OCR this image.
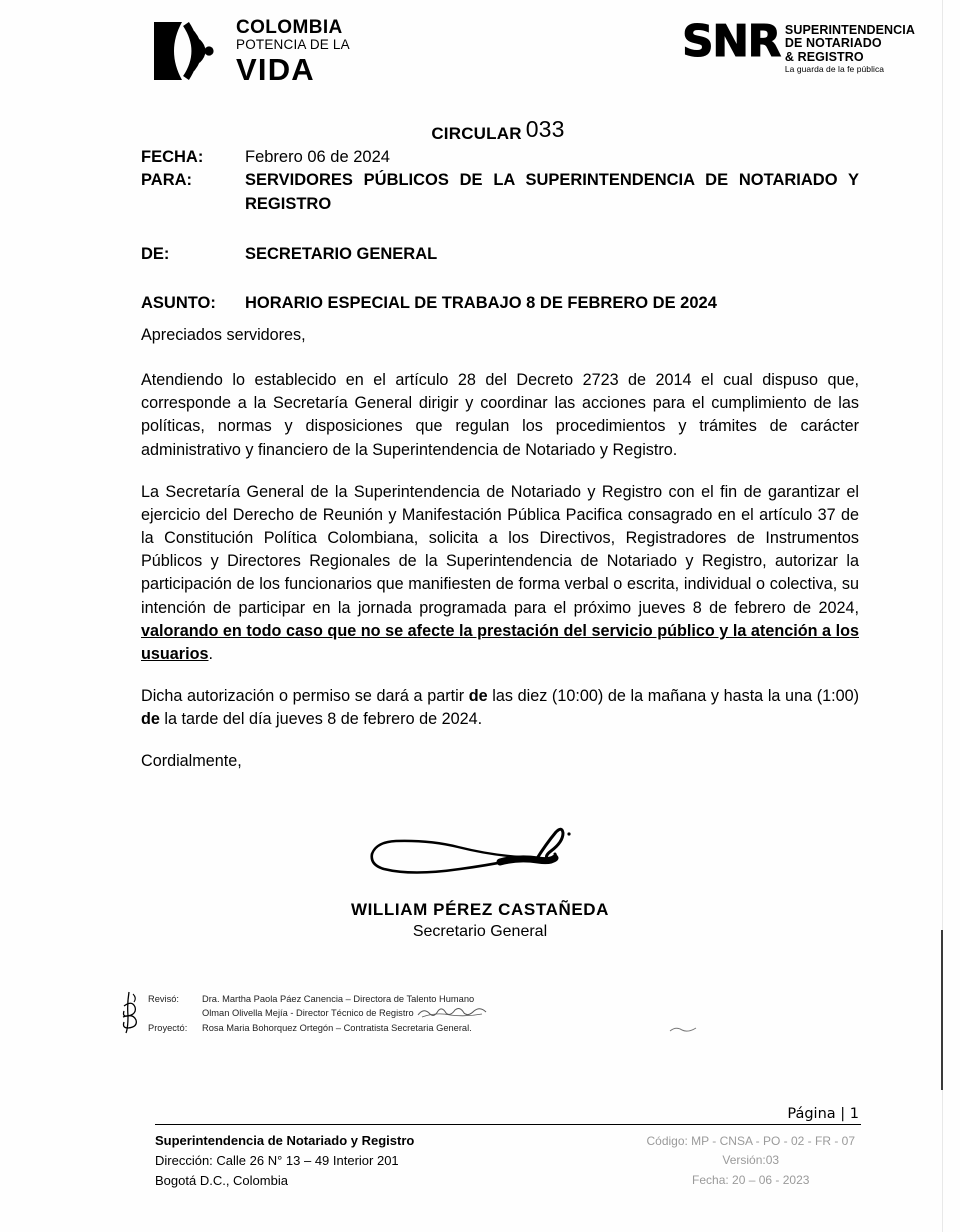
COLOMBIA
POTENCIA DE LA
VIDA
SNR SUPERINTENDENCIA
DE NOTARIADO
& REGISTRO
La guarda de la fe pública
CIRCULAR 033
FECHA:	Febrero 06 de 2024
PARA:	SERVIDORES PÚBLICOS DE LA SUPERINTENDENCIA DE NOTARIADO Y REGISTRO
DE:	SECRETARIO GENERAL
ASUNTO:	HORARIO ESPECIAL DE TRABAJO 8 DE FEBRERO DE 2024

Apreciados servidores,

Atendiendo lo establecido en el artículo 28 del Decreto 2723 de 2014 el cual dispuso que, corresponde a la Secretaría General dirigir y coordinar las acciones para el cumplimiento de las políticas, normas y disposiciones que regulan los procedimientos y trámites de carácter administrativo y financiero de la Superintendencia de Notariado y Registro.

La Secretaría General de la Superintendencia de Notariado y Registro con el fin de garantizar el ejercicio del Derecho de Reunión y Manifestación Pública Pacifica consagrado en el artículo 37 de la Constitución Política Colombiana, solicita a los Directivos, Registradores de Instrumentos Públicos y Directores Regionales de la Superintendencia de Notariado y Registro, autorizar la participación de los funcionarios que manifiesten de forma verbal o escrita, individual o colectiva, su intención de participar en la jornada programada para el próximo jueves 8 de febrero de 2024, valorando en todo caso que no se afecte la prestación del servicio público y la atención a los usuarios.

Dicha autorización o permiso se dará a partir de las diez (10:00) de la mañana y hasta la una (1:00) de la tarde del día jueves 8 de febrero de 2024.

Cordialmente,

WILLIAM PÉREZ CASTAÑEDA
Secretario General
Revisó:	Dra. Martha Paola Páez Canencia – Directora de Talento Humano
Olman Olivella Mejía - Director Técnico de Registro
Proyectó:	Rosa Maria Bohorquez Ortegón – Contratista Secretaria General.
Página | 1
Superintendencia de Notariado y Registro
Dirección: Calle 26 N° 13 – 49 Interior 201
Bogotá D.C., Colombia
Código: MP - CNSA - PO - 02 - FR - 07
Versión:03
Fecha: 20 – 06 - 2023
